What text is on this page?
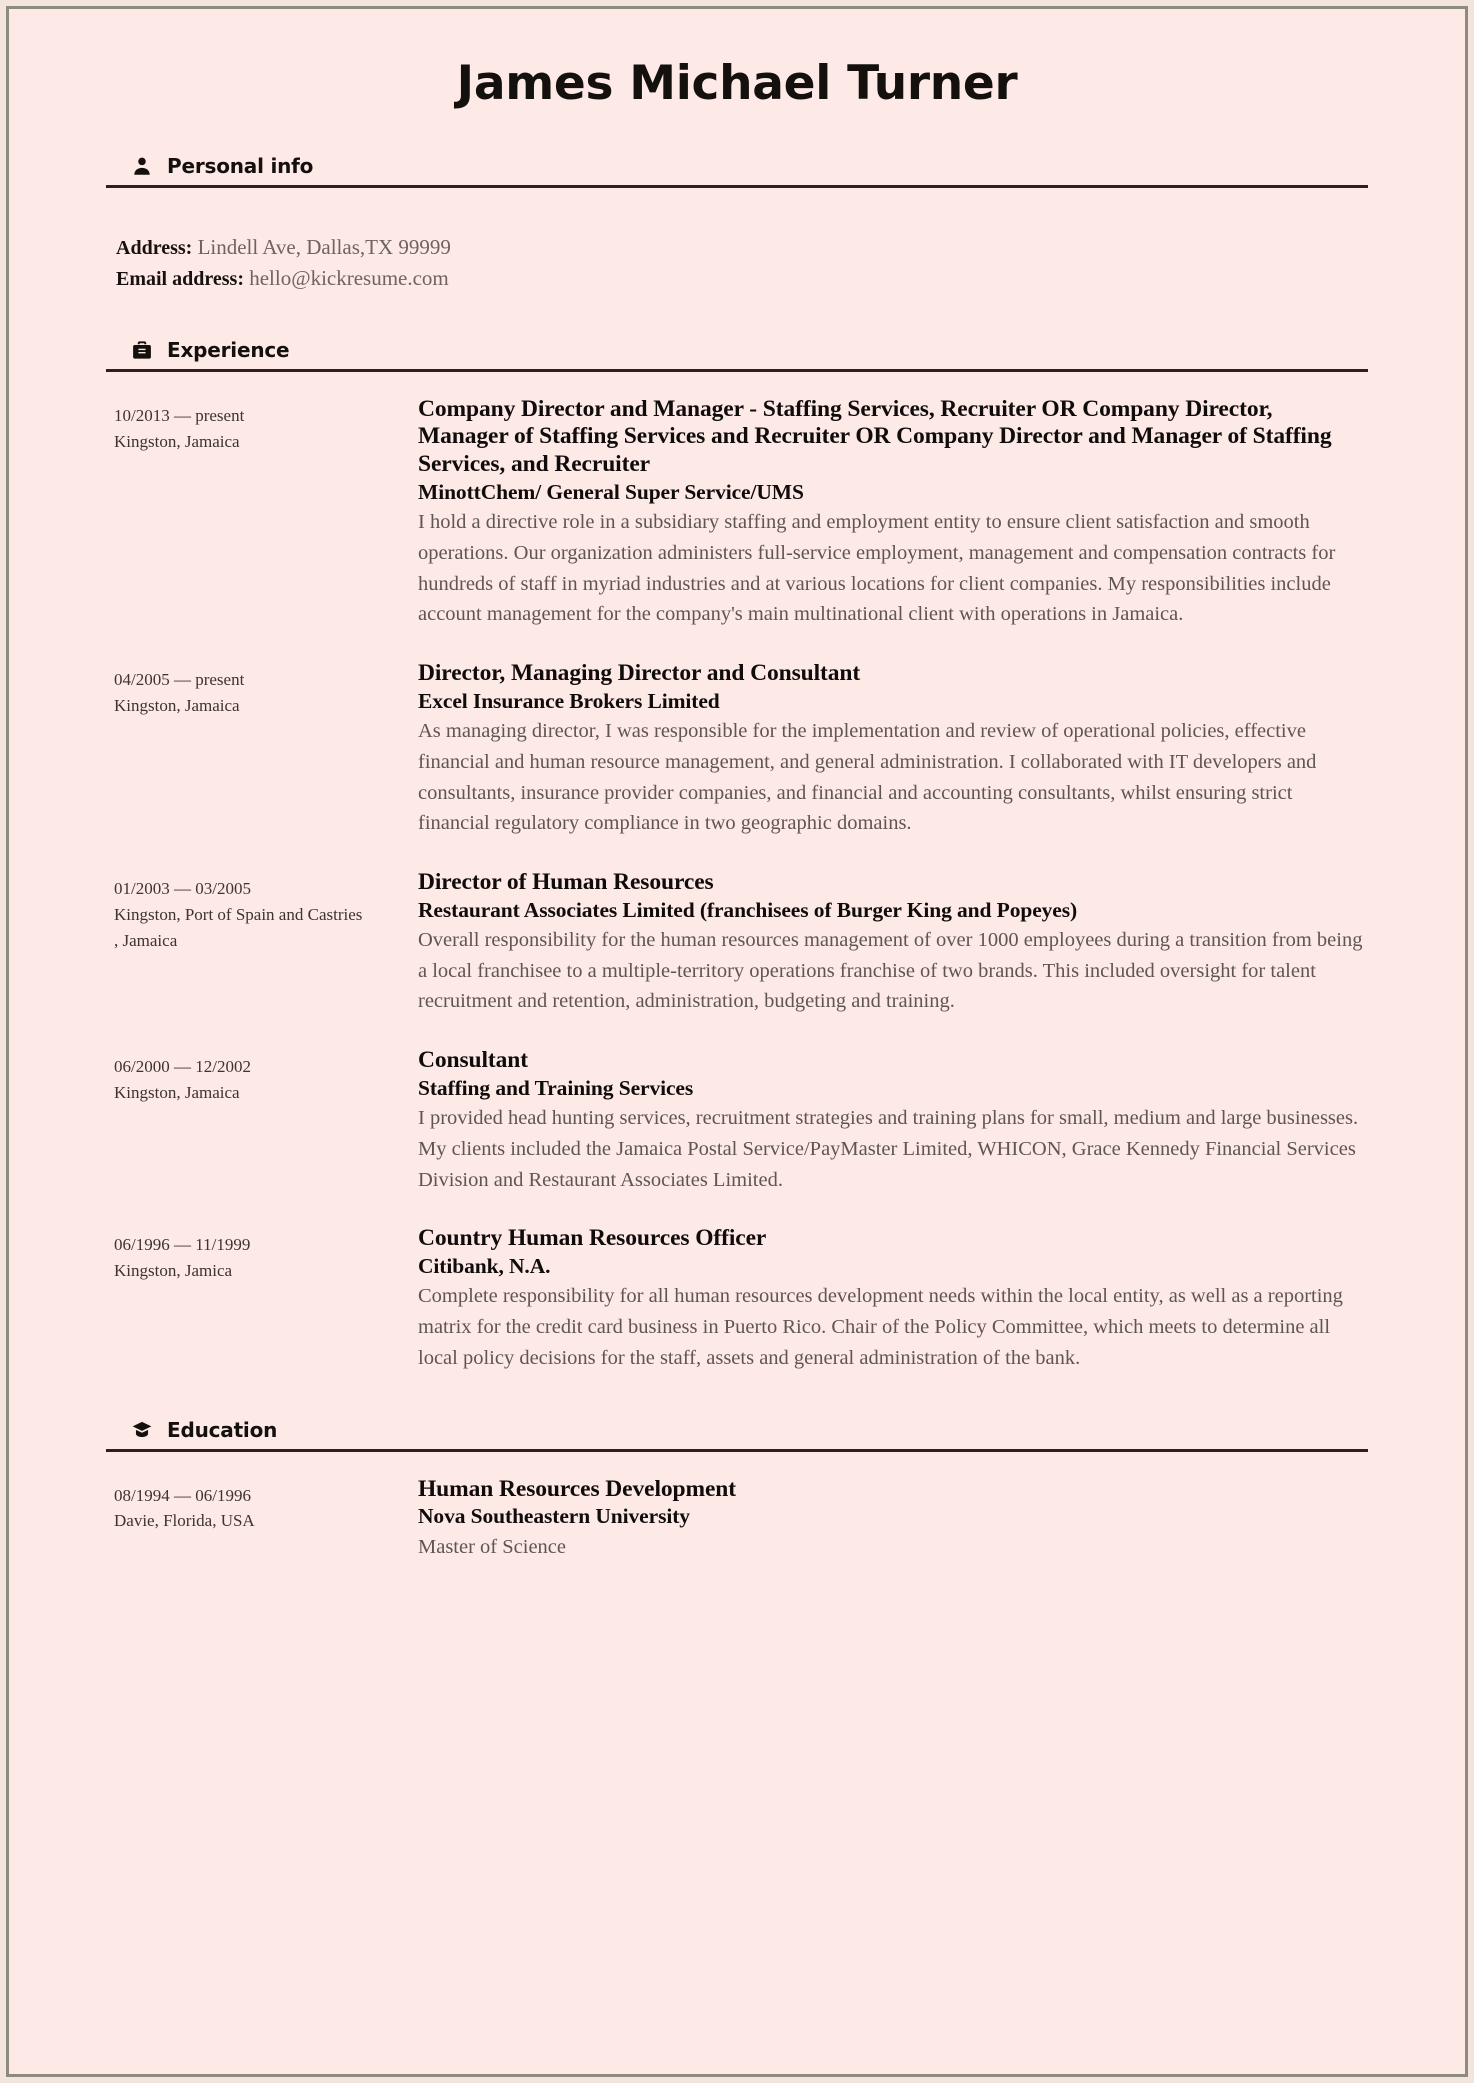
James Michael Turner
Personal info
Address: Lindell Ave, Dallas,TX 99999
Email address: hello@kickresume.com
Experience
10/2013 — present
Kingston, Jamaica
Company Director and Manager - Staffing Services, Recruiter OR Company Director, Manager of Staffing Services and Recruiter OR Company Director and Manager of Staffing Services, and Recruiter
MinottChem/ General Super Service/UMS
I hold a directive role in a subsidiary staffing and employment entity to ensure client satisfaction and smooth operations. Our organization administers full-service employment, management and compensation contracts for hundreds of staff in myriad industries and at various locations for client companies. My responsibilities include account management for the company's main multinational client with operations in Jamaica.
04/2005 — present
Kingston, Jamaica
Director, Managing Director and Consultant
Excel Insurance Brokers Limited
As managing director, I was responsible for the implementation and review of operational policies, effective financial and human resource management, and general administration. I collaborated with IT developers and consultants, insurance provider companies, and financial and accounting consultants, whilst ensuring strict financial regulatory compliance in two geographic domains.
01/2003 — 03/2005
Kingston, Port of Spain and Castries
, Jamaica
Director of Human Resources
Restaurant Associates Limited (franchisees of Burger King and Popeyes)
Overall responsibility for the human resources management of over 1000 employees during a transition from being a local franchisee to a multiple-territory operations franchise of two brands. This included oversight for talent recruitment and retention, administration, budgeting and training.
06/2000 — 12/2002
Kingston, Jamaica
Consultant
Staffing and Training Services
I provided head hunting services, recruitment strategies and training plans for small, medium and large businesses. My clients included the Jamaica Postal Service/PayMaster Limited, WHICON, Grace Kennedy Financial Services Division and Restaurant Associates Limited.
06/1996 — 11/1999
Kingston, Jamica
Country Human Resources Officer
Citibank, N.A.
Complete responsibility for all human resources development needs within the local entity, as well as a reporting matrix for the credit card business in Puerto Rico. Chair of the Policy Committee, which meets to determine all local policy decisions for the staff, assets and general administration of the bank.
Education
08/1994 — 06/1996
Davie, Florida, USA
Human Resources Development
Nova Southeastern University
Master of Science
